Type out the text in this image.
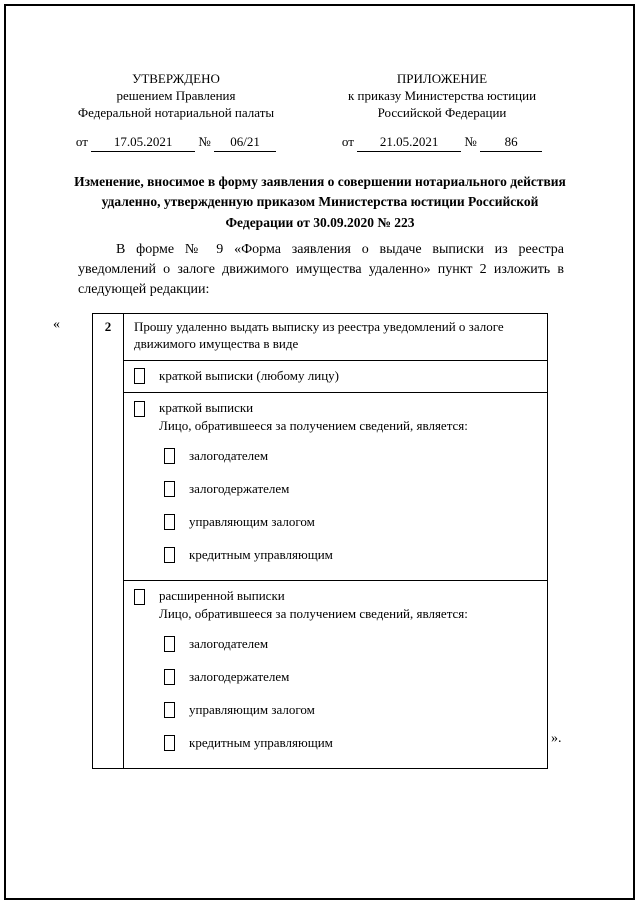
УТВЕРЖДЕНО
решением Правления
Федеральной нотариальной палаты
от 17.05.2021 № 06/21
ПРИЛОЖЕНИЕ
к приказу Министерства юстиции
Российской Федерации
от 21.05.2021 № 86
Изменение, вносимое в форму заявления о совершении нотариального действия удаленно, утвержденную приказом Министерства юстиции Российской Федерации от 30.09.2020 № 223
В форме № 9 «Форма заявления о выдаче выписки из реестра уведомлений о залоге движимого имущества удаленно» пункт 2 изложить в следующей редакции:
«	2	Прошу удаленно выдать выписку из реестра уведомлений о залоге движимого имущества в виде
краткой выписки (любому лицу)
краткой выписки
Лицо, обратившееся за получением сведений, является:
залогодателем
залогодержателем
управляющим залогом
кредитным управляющим
расширенной выписки
Лицо, обратившееся за получением сведений, является:
залогодателем
залогодержателем
управляющим залогом
кредитным управляющим	».
